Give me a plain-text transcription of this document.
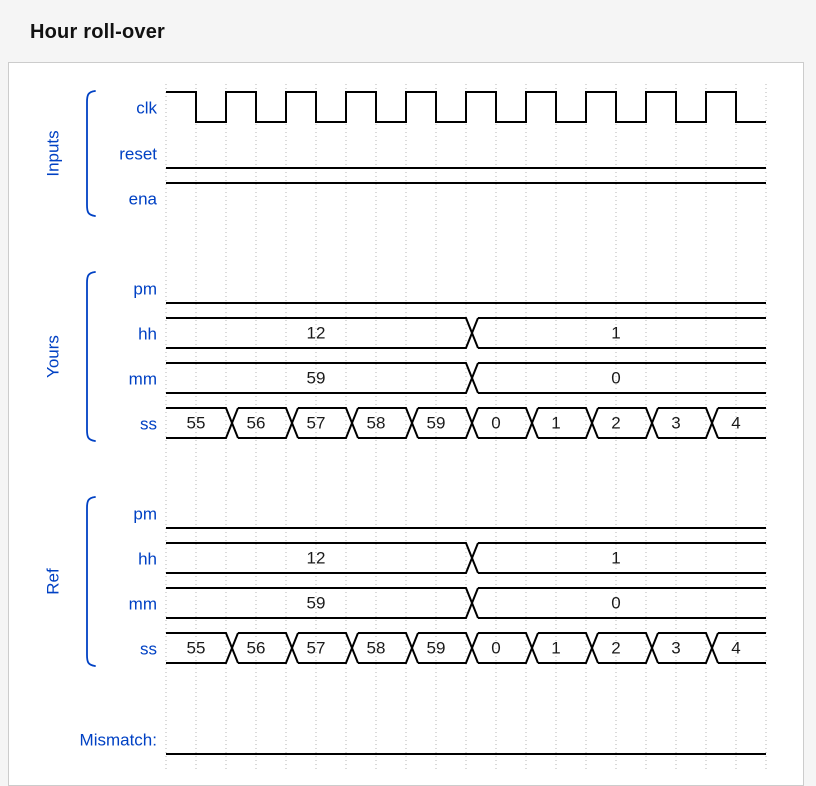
Hour roll-over
Inputs
clk
reset
ena
Yours
pm
hh	12	1
mm	59	0
ss 55 56 57 58 59	0	1	2	3	4
Ref
pm
hh	12	1
mm	59	0
ss 55 56 57 58 59	0	1	2	3	4
Mismatch:
